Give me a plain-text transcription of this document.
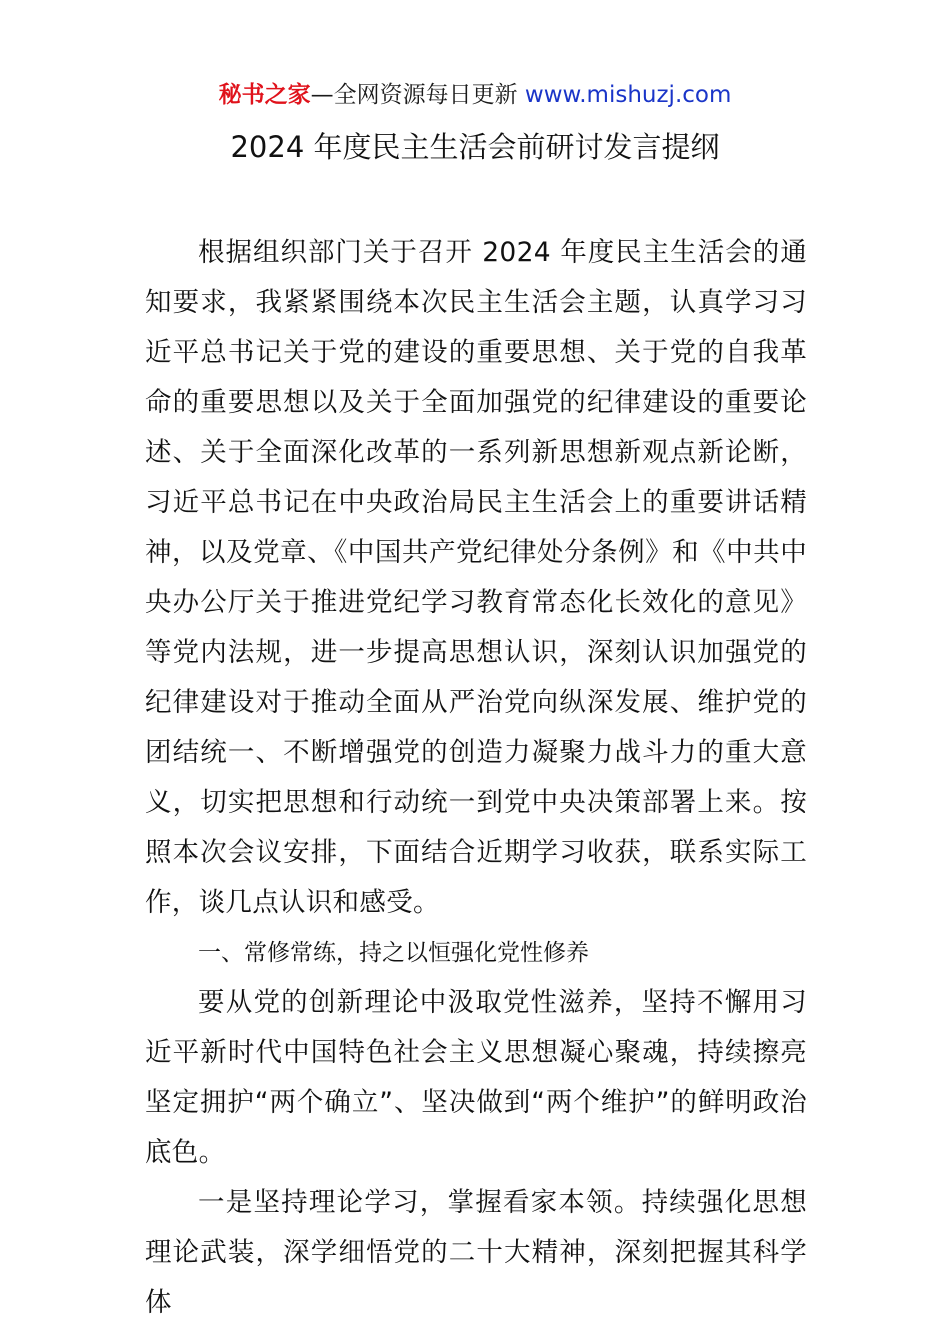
秘书之家—全网资源每日更新 www.mishuzj.com
2024 年度民主生活会前研讨发言提纲

根据组织部门关于召开 2024 年度民主生活会的通知要求，我紧紧围绕本次民主生活会主题，认真学习习近平总书记关于党的建设的重要思想、关于党的自我革命的重要思想以及关于全面加强党的纪律建设的重要论述、关于全面深化改革的一系列新思想新观点新论断，习近平总书记在中央政治局民主生活会上的重要讲话精神，以及党章、《中国共产党纪律处分条例》和《中共中央办公厅关于推进党纪学习教育常态化长效化的意见》等党内法规，进一步提高思想认识，深刻认识加强党的纪律建设对于推动全面从严治党向纵深发展、维护党的团结统一、不断增强党的创造力凝聚力战斗力的重大意义，切实把思想和行动统一到党中央决策部署上来。按照本次会议安排，下面结合近期学习收获，联系实际工作，谈几点认识和感受。

一、常修常练，持之以恒强化党性修养

要从党的创新理论中汲取党性滋养，坚持不懈用习近平新时代中国特色社会主义思想凝心聚魂，持续擦亮坚定拥护“两个确立”、坚决做到“两个维护”的鲜明政治底色。

一是坚持理论学习，掌握看家本领。持续强化思想理论武装，深学细悟党的二十大精神，深刻把握其科学体
